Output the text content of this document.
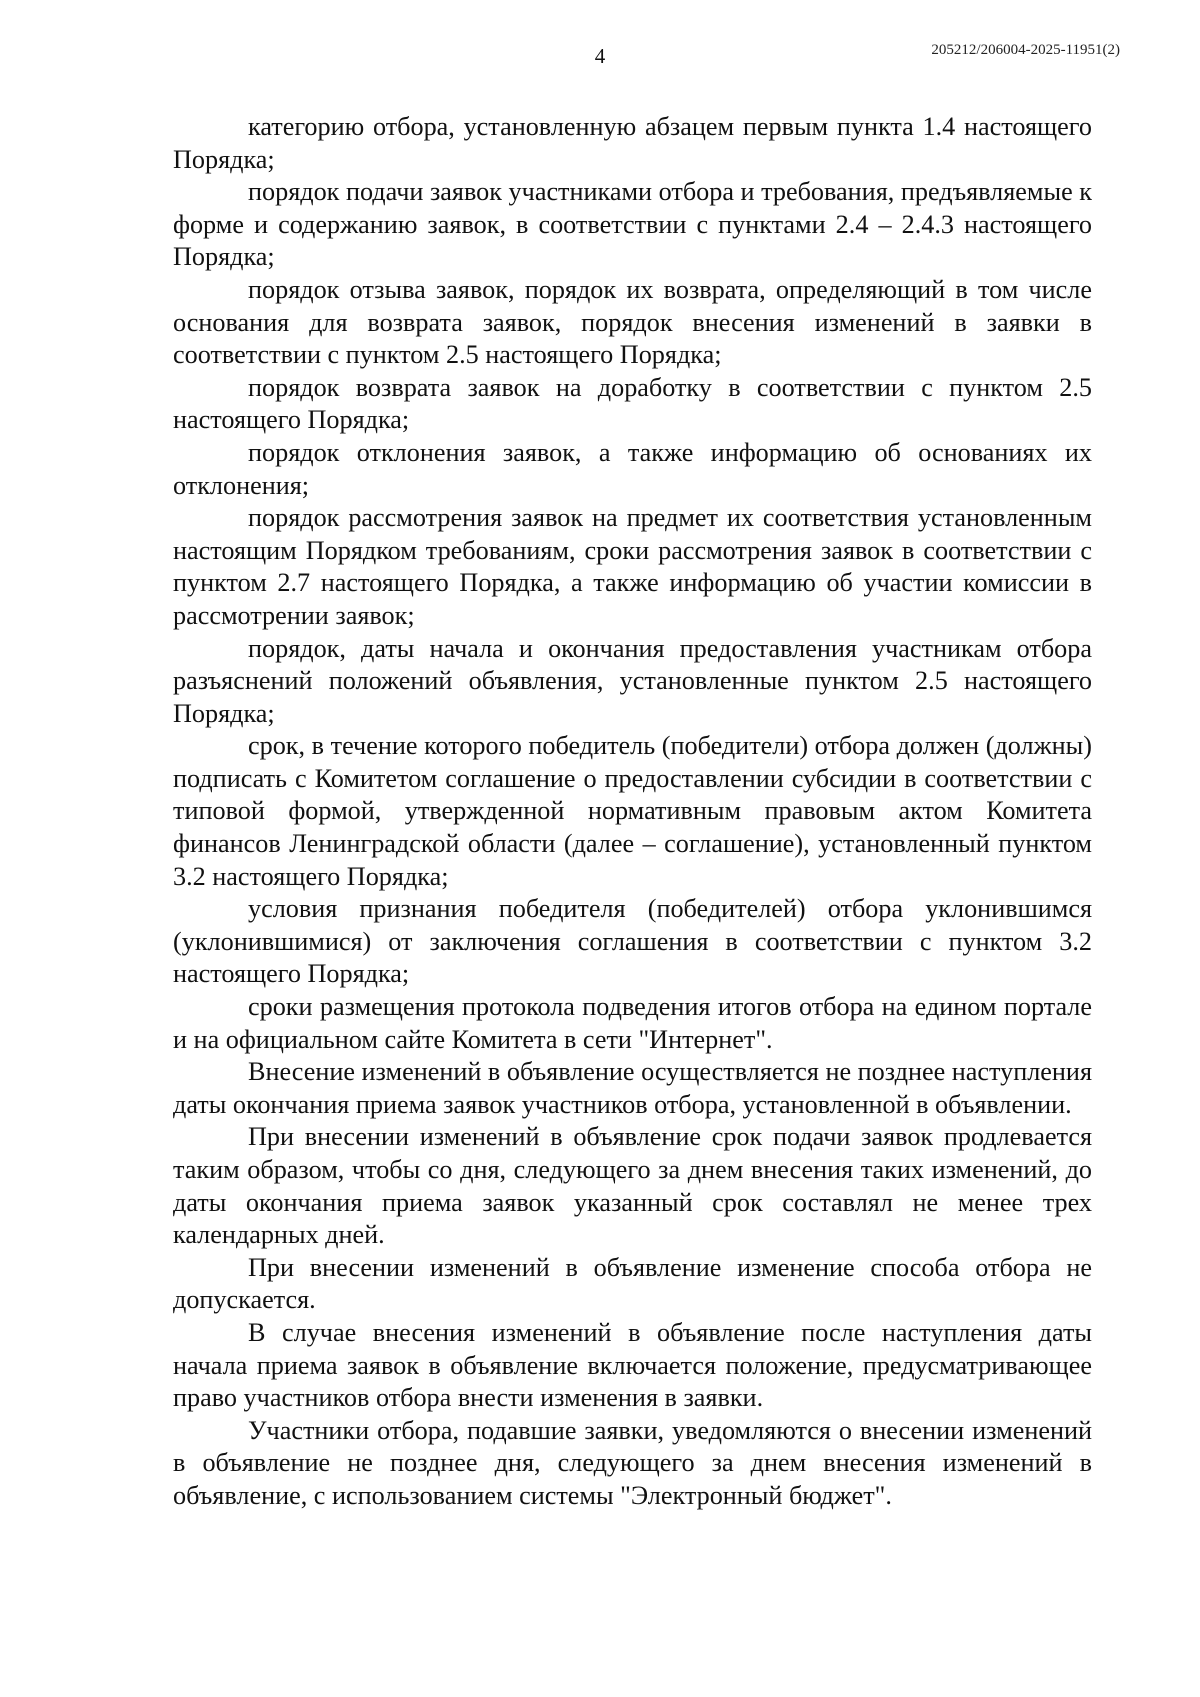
4	205212/206004-2025-11951(2)

категорию отбора, установленную абзацем первым пункта 1.4 настоящего Порядка;

порядок подачи заявок участниками отбора и требования, предъявляемые к форме и содержанию заявок, в соответствии с пунктами 2.4 – 2.4.3 настоящего Порядка;

порядок отзыва заявок, порядок их возврата, определяющий в том числе основания для возврата заявок, порядок внесения изменений в заявки в соответствии с пунктом 2.5 настоящего Порядка;

порядок возврата заявок на доработку в соответствии с пунктом 2.5 настоящего Порядка;

порядок отклонения заявок, а также информацию об основаниях их отклонения;

порядок рассмотрения заявок на предмет их соответствия установленным настоящим Порядком требованиям, сроки рассмотрения заявок в соответствии с пунктом 2.7 настоящего Порядка, а также информацию об участии комиссии в рассмотрении заявок;

порядок, даты начала и окончания предоставления участникам отбора разъяснений положений объявления, установленные пунктом 2.5 настоящего Порядка;

срок, в течение которого победитель (победители) отбора должен (должны) подписать с Комитетом соглашение о предоставлении субсидии в соответствии с типовой формой, утвержденной нормативным правовым актом Комитета финансов Ленинградской области (далее – соглашение), установленный пунктом 3.2 настоящего Порядка;

условия признания победителя (победителей) отбора уклонившимся (уклонившимися) от заключения соглашения в соответствии с пунктом 3.2 настоящего Порядка;

сроки размещения протокола подведения итогов отбора на едином портале и на официальном сайте Комитета в сети "Интернет".

Внесение изменений в объявление осуществляется не позднее наступления даты окончания приема заявок участников отбора, установленной в объявлении.

При внесении изменений в объявление срок подачи заявок продлевается таким образом, чтобы со дня, следующего за днем внесения таких изменений, до даты окончания приема заявок указанный срок составлял не менее трех календарных дней.

При внесении изменений в объявление изменение способа отбора не допускается.

В случае внесения изменений в объявление после наступления даты начала приема заявок в объявление включается положение, предусматривающее право участников отбора внести изменения в заявки.

Участники отбора, подавшие заявки, уведомляются о внесении изменений в объявление не позднее дня, следующего за днем внесения изменений в объявление, с использованием системы "Электронный бюджет".
